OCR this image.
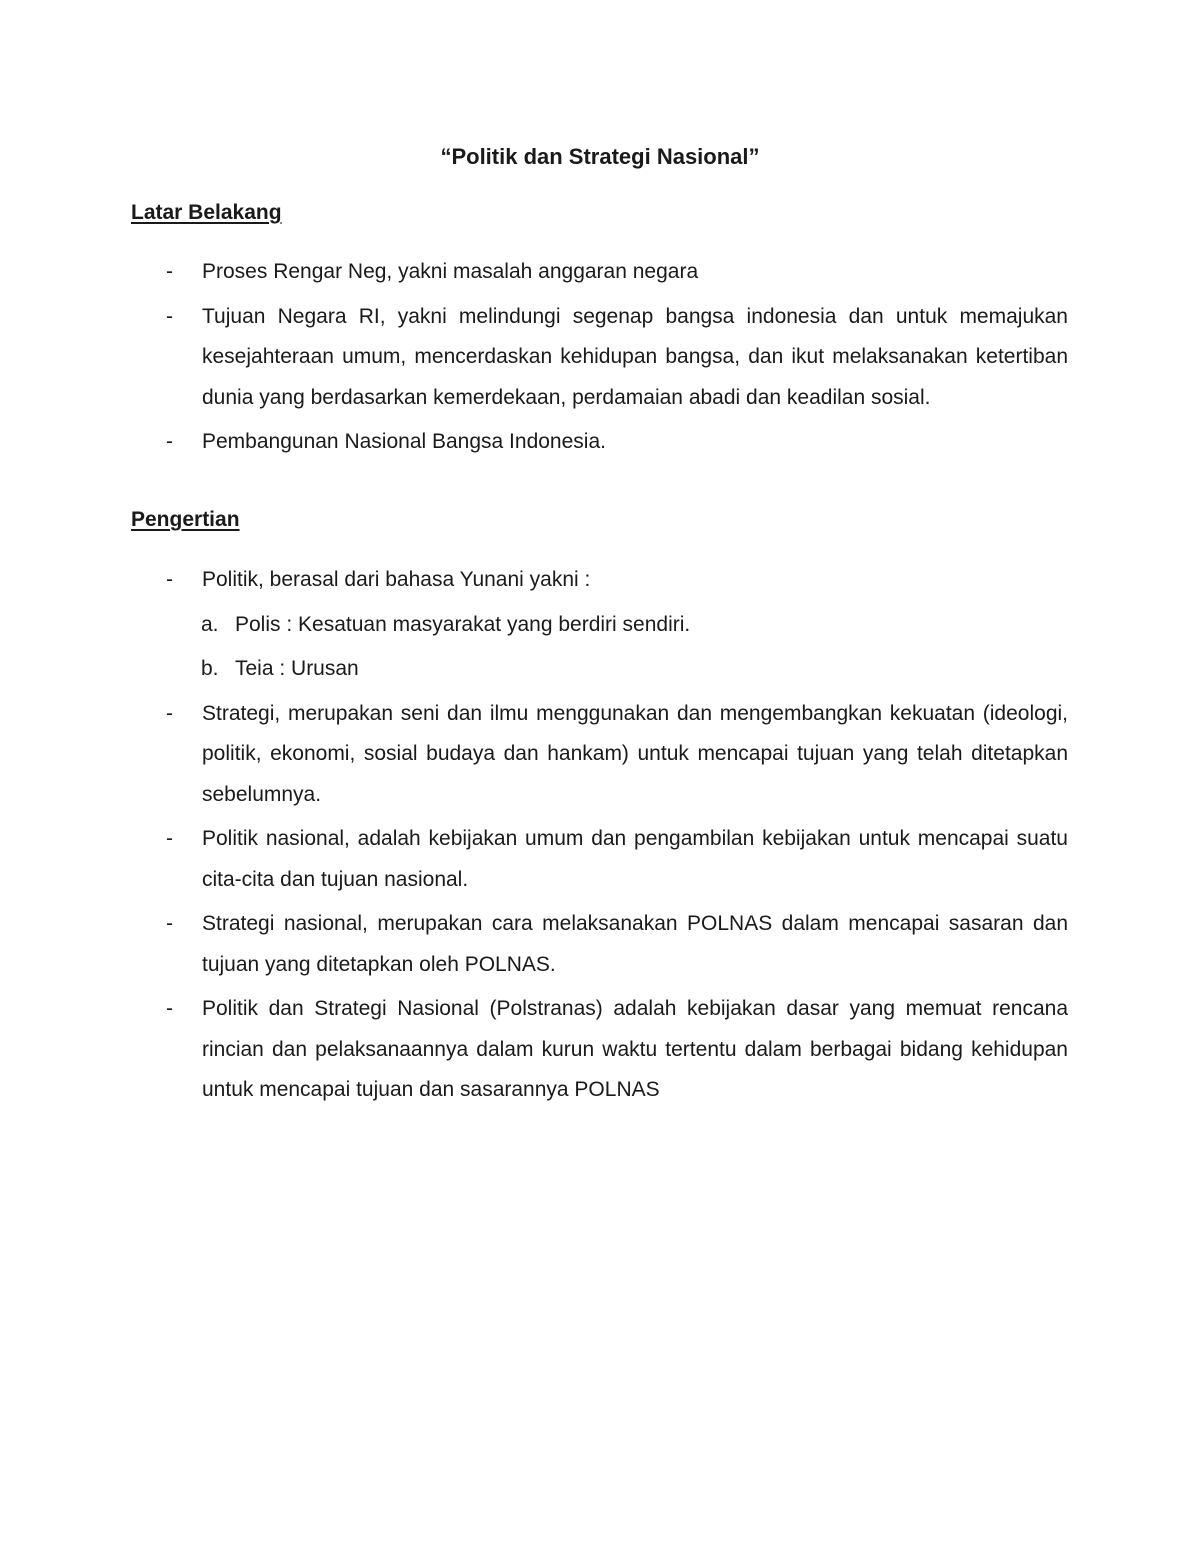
“Politik dan Strategi Nasional”
Latar Belakang
- Proses Rengar Neg, yakni masalah anggaran negara
- Tujuan Negara RI, yakni melindungi segenap bangsa indonesia dan untuk memajukan kesejahteraan umum, mencerdaskan kehidupan bangsa, dan ikut melaksanakan ketertiban dunia yang berdasarkan kemerdekaan, perdamaian abadi dan keadilan sosial.
- Pembangunan Nasional Bangsa Indonesia.
Pengertian
- Politik, berasal dari bahasa Yunani yakni :
a. Polis : Kesatuan masyarakat yang berdiri sendiri.
b. Teia : Urusan
- Strategi, merupakan seni dan ilmu menggunakan dan mengembangkan kekuatan (ideologi, politik, ekonomi, sosial budaya dan hankam) untuk mencapai tujuan yang telah ditetapkan sebelumnya.
- Politik nasional, adalah kebijakan umum dan pengambilan kebijakan untuk mencapai suatu cita-cita dan tujuan nasional.
- Strategi nasional, merupakan cara melaksanakan POLNAS dalam mencapai sasaran dan tujuan yang ditetapkan oleh POLNAS.
- Politik dan Strategi Nasional (Polstranas) adalah kebijakan dasar yang memuat rencana rincian dan pelaksanaannya dalam kurun waktu tertentu dalam berbagai bidang kehidupan untuk mencapai tujuan dan sasarannya POLNAS
